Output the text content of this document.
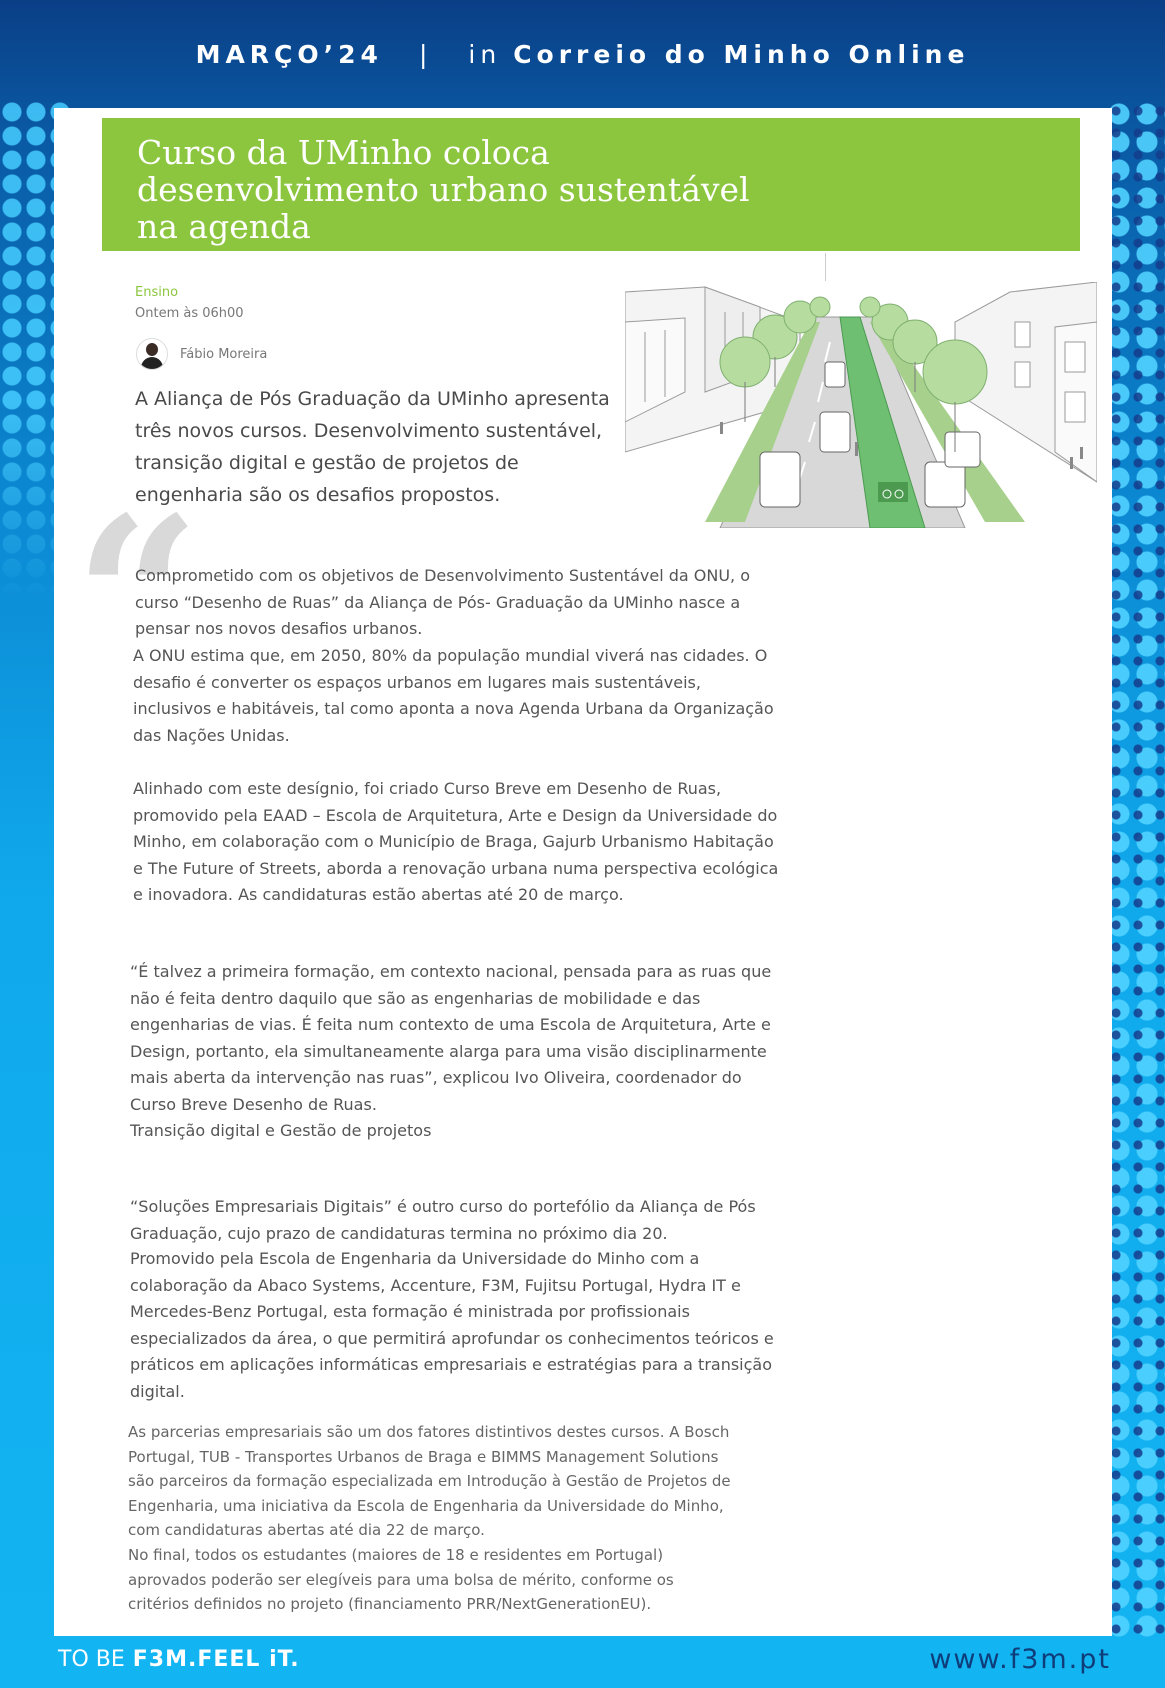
MARÇO’24 | in Correio do Minho Online
Curso da UMinho coloca desenvolvimento urbano sustentável na agenda
Ensino
Ontem às 06h00
Fábio Moreira

A Aliança de Pós Graduação da UMinho apresenta três novos cursos. Desenvolvimento sustentável, transição digital e gestão de projetos de engenharia são os desafios propostos.

“

Comprometido com os objetivos de Desenvolvimento Sustentável da ONU, o curso “Desenho de Ruas” da Aliança de Pós- Graduação da UMinho nasce a pensar nos novos desafios urbanos.

A ONU estima que, em 2050, 80% da população mundial viverá nas cidades. O desafio é converter os espaços urbanos em lugares mais sustentáveis, inclusivos e habitáveis, tal como aponta a nova Agenda Urbana da Organização das Nações Unidas.

Alinhado com este desígnio, foi criado Curso Breve em Desenho de Ruas, promovido pela EAAD – Escola de Arquitetura, Arte e Design da Universidade do Minho, em colaboração com o Município de Braga, Gajurb Urbanismo Habitação e The Future of Streets, aborda a renovação urbana numa perspectiva ecológica e inovadora. As candidaturas estão abertas até 20 de março.

“É talvez a primeira formação, em contexto nacional, pensada para as ruas que não é feita dentro daquilo que são as engenharias de mobilidade e das engenharias de vias. É feita num contexto de uma Escola de Arquitetura, Arte e Design, portanto, ela simultaneamente alarga para uma visão disciplinarmente mais aberta da intervenção nas ruas”, explicou Ivo Oliveira, coordenador do Curso Breve Desenho de Ruas.

Transição digital e Gestão de projetos

“Soluções Empresariais Digitais” é outro curso do portefólio da Aliança de Pós Graduação, cujo prazo de candidaturas termina no próximo dia 20.

Promovido pela Escola de Engenharia da Universidade do Minho com a colaboração da Abaco Systems, Accenture, F3M, Fujitsu Portugal, Hydra IT e Mercedes-Benz Portugal, esta formação é ministrada por profissionais especializados da área, o que permitirá aprofundar os conhecimentos teóricos e práticos em aplicações informáticas empresariais e estratégias para a transição digital.

As parcerias empresariais são um dos fatores distintivos destes cursos. A Bosch Portugal, TUB - Transportes Urbanos de Braga e BIMMS Management Solutions são parceiros da formação especializada em Introdução à Gestão de Projetos de Engenharia, uma iniciativa da Escola de Engenharia da Universidade do Minho, com candidaturas abertas até dia 22 de março.

No final, todos os estudantes (maiores de 18 e residentes em Portugal) aprovados poderão ser elegíveis para uma bolsa de mérito, conforme os critérios definidos no projeto (financiamento PRR/NextGenerationEU).

TO BE F3M.FEEL iT.	www.f3m.pt
